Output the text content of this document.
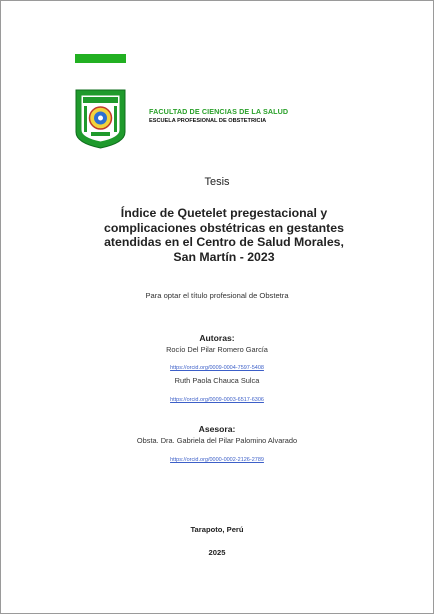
FACULTAD DE CIENCIAS DE LA SALUD
ESCUELA PROFESIONAL DE OBSTETRICIA
Tesis
Índice de Quetelet pregestacional y complicaciones obstétricas en gestantes atendidas en el Centro de Salud Morales, San Martín - 2023
Para optar el título profesional de Obstetra
Autoras:
Rocío Del Pilar Romero García
https://orcid.org/0009-0004-7597-5408
Ruth Paola Chauca Sulca
https://orcid.org/0009-0003-6517-6306
Asesora:
Obsta. Dra. Gabriela del Pilar Palomino Alvarado
https://orcid.org/0000-0002-2126-2789
Tarapoto, Perú
2025
